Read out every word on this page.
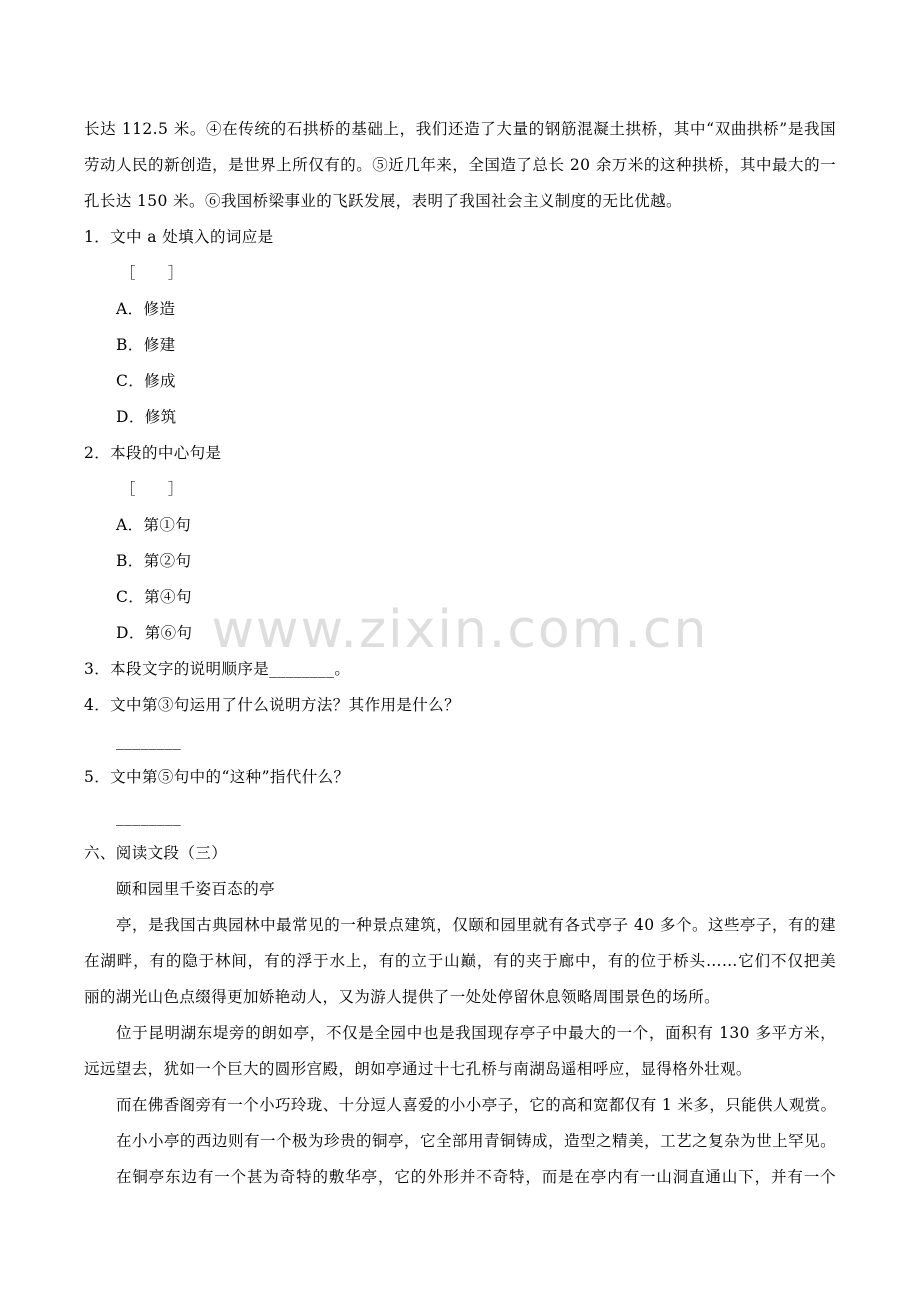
长达 112.5 米。④在传统的石拱桥的基础上，我们还造了大量的钢筋混凝土拱桥，其中“双曲拱桥”是我国
劳动人民的新创造，是世界上所仅有的。⑤近几年来，全国造了总长 20 余万米的这种拱桥，其中最大的一
孔长达 150 米。⑥我国桥梁事业的飞跃发展，表明了我国社会主义制度的无比优越。
1．文中 a 处填入的词应是
［　　］
A．修造
B．修建
C．修成
D．修筑
2．本段的中心句是
［　　］
A．第①句
B．第②句
C．第④句
D．第⑥句
3．本段文字的说明顺序是________。
4．文中第③句运用了什么说明方法？其作用是什么？
________
5．文中第⑤句中的“这种”指代什么？
________
六、阅读文段（三）
颐和园里千姿百态的亭
亭，是我国古典园林中最常见的一种景点建筑，仅颐和园里就有各式亭子 40 多个。这些亭子，有的建
在湖畔，有的隐于林间，有的浮于水上，有的立于山巅，有的夹于廊中，有的位于桥头……它们不仅把美
丽的湖光山色点缀得更加娇艳动人，又为游人提供了一处处停留休息领略周围景色的场所。
位于昆明湖东堤旁的朗如亭，不仅是全园中也是我国现存亭子中最大的一个，面积有 130 多平方米，
远远望去，犹如一个巨大的圆形宫殿，朗如亭通过十七孔桥与南湖岛遥相呼应，显得格外壮观。
而在佛香阁旁有一个小巧玲珑、十分逗人喜爱的小小亭子，它的高和宽都仅有 1 米多，只能供人观赏。
在小小亭的西边则有一个极为珍贵的铜亭，它全部用青铜铸成，造型之精美，工艺之复杂为世上罕见。
在铜亭东边有一个甚为奇特的敷华亭，它的外形并不奇特，而是在亭内有一山洞直通山下，并有一个
www.zixin.com.cn
